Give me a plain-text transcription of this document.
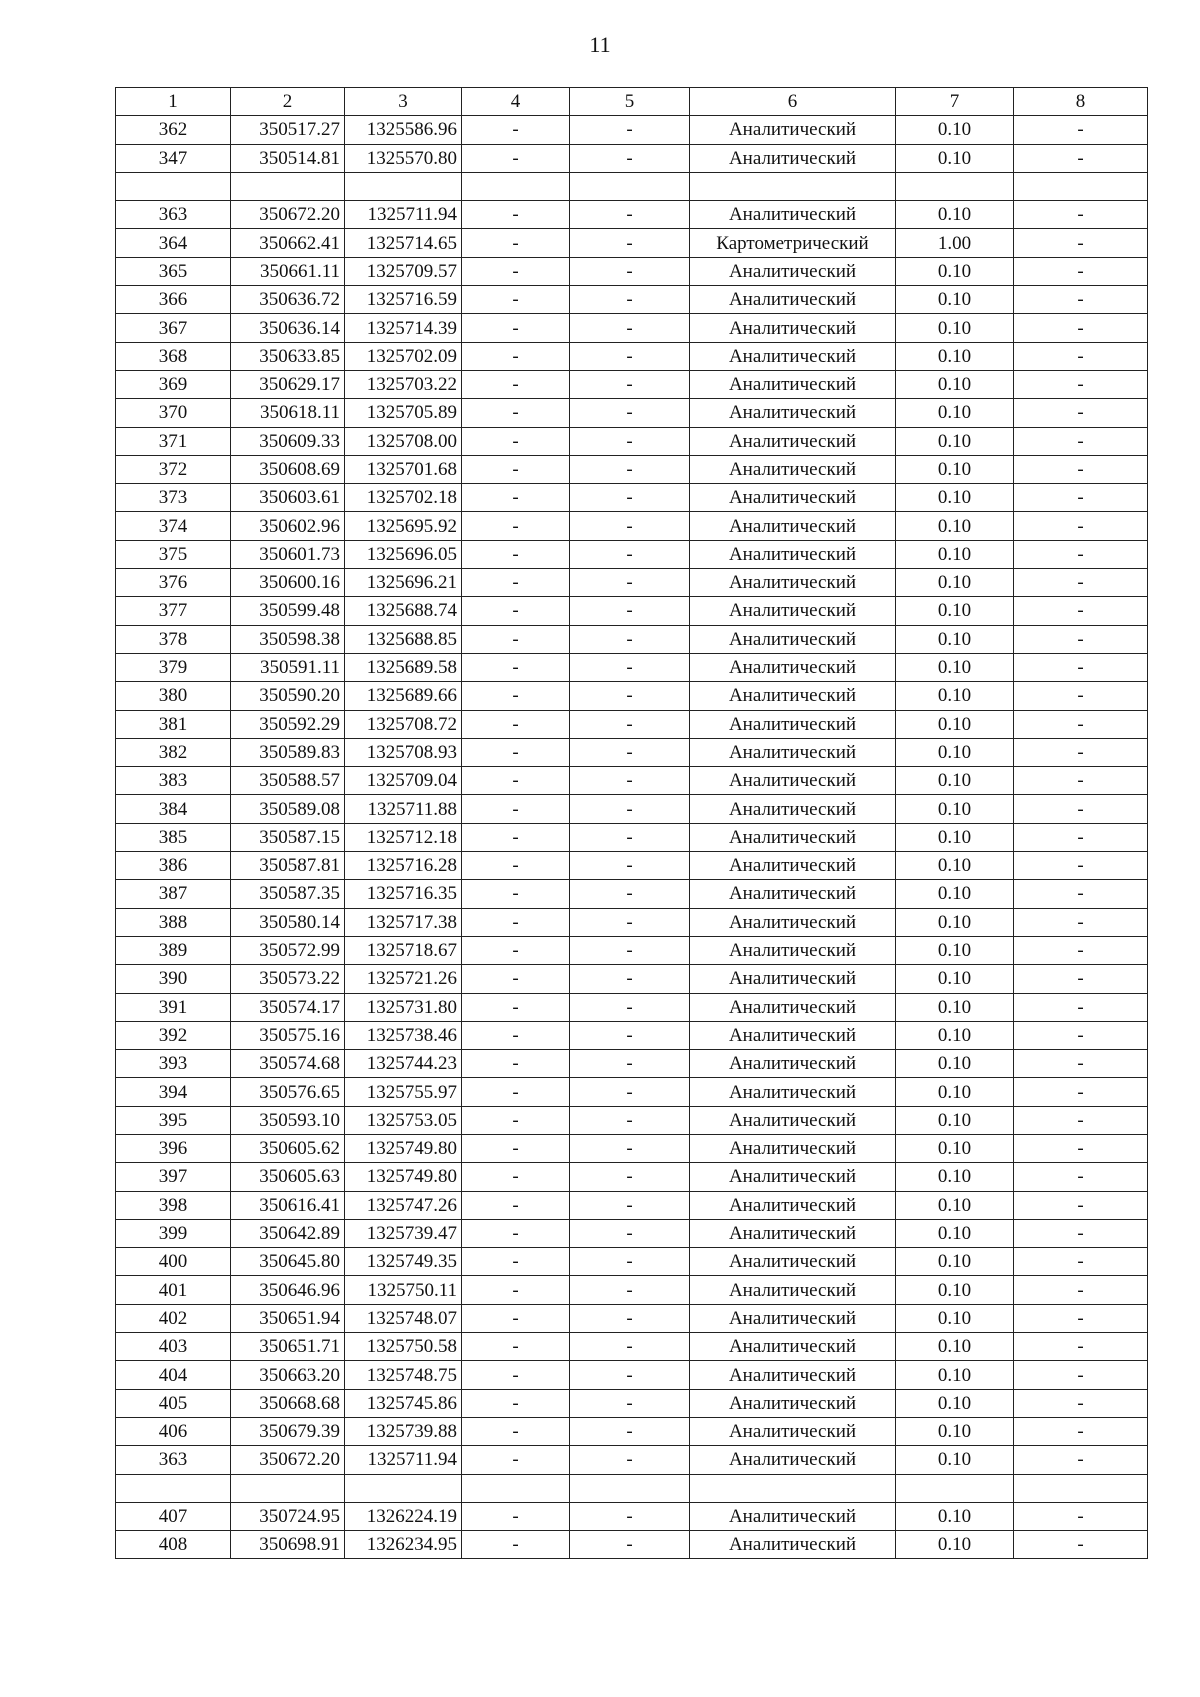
11
1	2	3	4	5	6	7	8
362	350517.27	1325586.96	-	-	Аналитический	0.10	-
347	350514.81	1325570.80	-	-	Аналитический	0.10	-

363	350672.20	1325711.94	-	-	Аналитический	0.10	-
364	350662.41	1325714.65	-	-	Картометрический	1.00	-
365	350661.11	1325709.57	-	-	Аналитический	0.10	-
366	350636.72	1325716.59	-	-	Аналитический	0.10	-
367	350636.14	1325714.39	-	-	Аналитический	0.10	-
368	350633.85	1325702.09	-	-	Аналитический	0.10	-
369	350629.17	1325703.22	-	-	Аналитический	0.10	-
370	350618.11	1325705.89	-	-	Аналитический	0.10	-
371	350609.33	1325708.00	-	-	Аналитический	0.10	-
372	350608.69	1325701.68	-	-	Аналитический	0.10	-
373	350603.61	1325702.18	-	-	Аналитический	0.10	-
374	350602.96	1325695.92	-	-	Аналитический	0.10	-
375	350601.73	1325696.05	-	-	Аналитический	0.10	-
376	350600.16	1325696.21	-	-	Аналитический	0.10	-
377	350599.48	1325688.74	-	-	Аналитический	0.10	-
378	350598.38	1325688.85	-	-	Аналитический	0.10	-
379	350591.11	1325689.58	-	-	Аналитический	0.10	-
380	350590.20	1325689.66	-	-	Аналитический	0.10	-
381	350592.29	1325708.72	-	-	Аналитический	0.10	-
382	350589.83	1325708.93	-	-	Аналитический	0.10	-
383	350588.57	1325709.04	-	-	Аналитический	0.10	-
384	350589.08	1325711.88	-	-	Аналитический	0.10	-
385	350587.15	1325712.18	-	-	Аналитический	0.10	-
386	350587.81	1325716.28	-	-	Аналитический	0.10	-
387	350587.35	1325716.35	-	-	Аналитический	0.10	-
388	350580.14	1325717.38	-	-	Аналитический	0.10	-
389	350572.99	1325718.67	-	-	Аналитический	0.10	-
390	350573.22	1325721.26	-	-	Аналитический	0.10	-
391	350574.17	1325731.80	-	-	Аналитический	0.10	-
392	350575.16	1325738.46	-	-	Аналитический	0.10	-
393	350574.68	1325744.23	-	-	Аналитический	0.10	-
394	350576.65	1325755.97	-	-	Аналитический	0.10	-
395	350593.10	1325753.05	-	-	Аналитический	0.10	-
396	350605.62	1325749.80	-	-	Аналитический	0.10	-
397	350605.63	1325749.80	-	-	Аналитический	0.10	-
398	350616.41	1325747.26	-	-	Аналитический	0.10	-
399	350642.89	1325739.47	-	-	Аналитический	0.10	-
400	350645.80	1325749.35	-	-	Аналитический	0.10	-
401	350646.96	1325750.11	-	-	Аналитический	0.10	-
402	350651.94	1325748.07	-	-	Аналитический	0.10	-
403	350651.71	1325750.58	-	-	Аналитический	0.10	-
404	350663.20	1325748.75	-	-	Аналитический	0.10	-
405	350668.68	1325745.86	-	-	Аналитический	0.10	-
406	350679.39	1325739.88	-	-	Аналитический	0.10	-
363	350672.20	1325711.94	-	-	Аналитический	0.10	-

407	350724.95	1326224.19	-	-	Аналитический	0.10	-
408	350698.91	1326234.95	-	-	Аналитический	0.10	-
